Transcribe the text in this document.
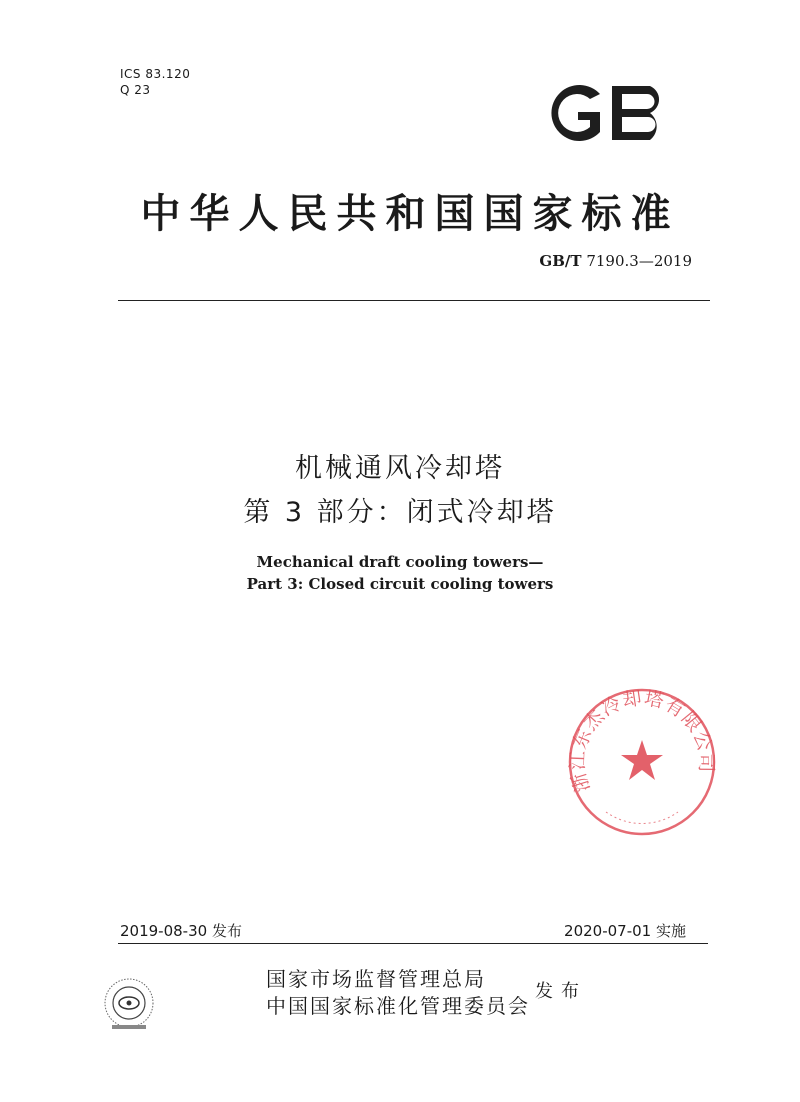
ICS 83.120
Q 23
中华人民共和国国家标准
GB/T 7190.3—2019
机械通风冷却塔
第 3 部分：闭式冷却塔
Mechanical draft cooling towers—
Part 3: Closed circuit cooling towers
浙江东杰冷却塔有限公司
2019-08-30 发布	2020-07-01 实施
国家市场监督管理总局
中国国家标准化管理委员会
发布
